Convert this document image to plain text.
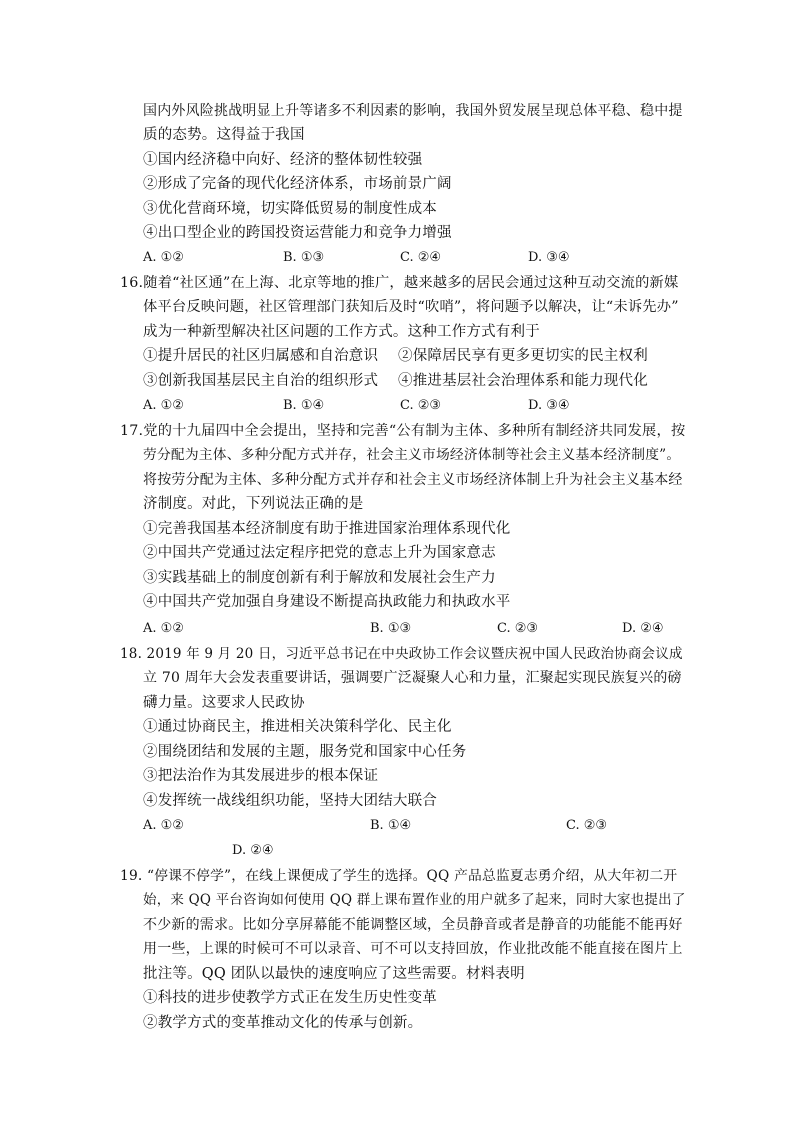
国内外风险挑战明显上升等诸多不利因素的影响，我国外贸发展呈现总体平稳、稳中提
质的态势。这得益于我国
①国内经济稳中向好、经济的整体韧性较强
②形成了完备的现代化经济体系，市场前景广阔
③优化营商环境，切实降低贸易的制度性成本
④出口型企业的跨国投资运营能力和竞争力增强
A. ①②	B. ①③	C. ②④	D. ③④
16.随着“社区通”在上海、北京等地的推广，越来越多的居民会通过这种互动交流的新媒
体平台反映问题，社区管理部门获知后及时“吹哨”，将问题予以解决，让“未诉先办”
成为一种新型解决社区问题的工作方式。这种工作方式有利于
①提升居民的社区归属感和自治意识 ②保障居民享有更多更切实的民主权利
③创新我国基层民主自治的组织形式 ④推进基层社会治理体系和能力现代化
A. ①②	B. ①④	C. ②③	D. ③④
17.党的十九届四中全会提出，坚持和完善“公有制为主体、多种所有制经济共同发展，按
劳分配为主体、多种分配方式并存，社会主义市场经济体制等社会主义基本经济制度”。
将按劳分配为主体、多种分配方式并存和社会主义市场经济体制上升为社会主义基本经
济制度。对此，下列说法正确的是
①完善我国基本经济制度有助于推进国家治理体系现代化
②中国共产党通过法定程序把党的意志上升为国家意志
③实践基础上的制度创新有利于解放和发展社会生产力
④中国共产党加强自身建设不断提高执政能力和执政水平
A. ①②	B. ①③	C. ②③	D. ②④
18. 2019 年 9 月 20 日，习近平总书记在中央政协工作会议暨庆祝中国人民政治协商会议成
立 70 周年大会发表重要讲话，强调要广泛凝聚人心和力量，汇聚起实现民族复兴的磅
礴力量。这要求人民政协
①通过协商民主，推进相关决策科学化、民主化
②围绕团结和发展的主题，服务党和国家中心任务
③把法治作为其发展进步的根本保证
④发挥统一战线组织功能，坚持大团结大联合
A. ①②	B. ①④	C. ②③
D. ②④
19. “停课不停学”，在线上课便成了学生的选择。QQ 产品总监夏志勇介绍，从大年初二开
始，来 QQ 平台咨询如何使用 QQ 群上课布置作业的用户就多了起来，同时大家也提出了
不少新的需求。比如分享屏幕能不能调整区域，全员静音或者是静音的功能能不能再好
用一些，上课的时候可不可以录音、可不可以支持回放，作业批改能不能直接在图片上
批注等。QQ 团队以最快的速度响应了这些需要。材料表明
①科技的进步使教学方式正在发生历史性变革
②教学方式的变革推动文化的传承与创新。
